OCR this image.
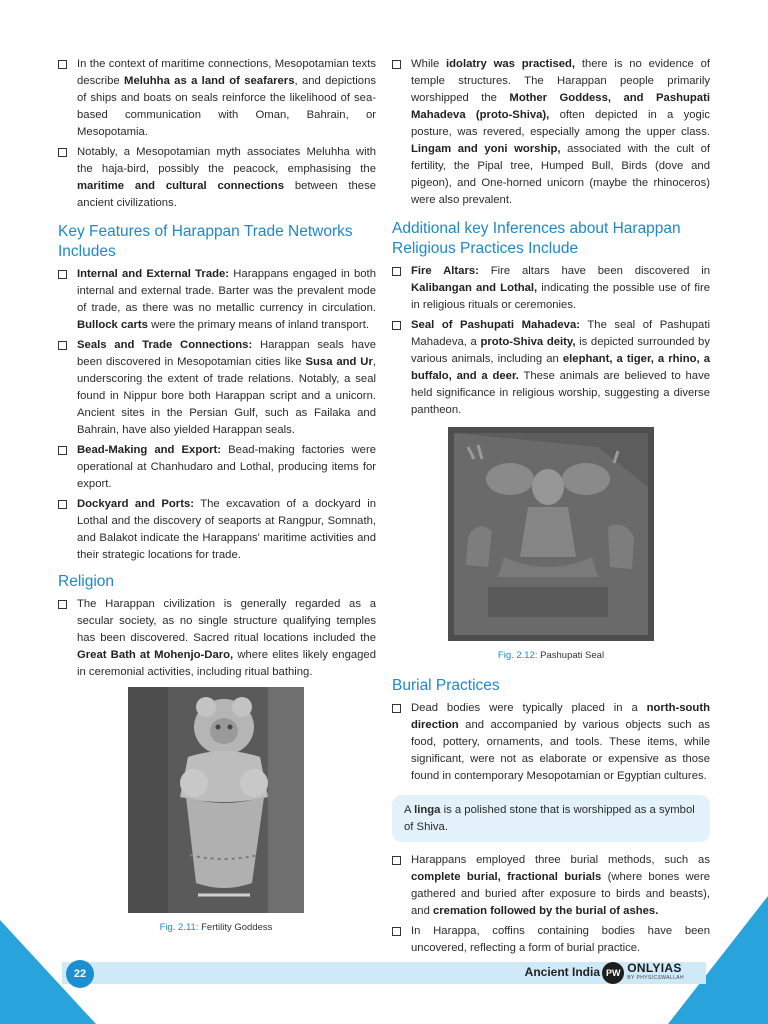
In the context of maritime connections, Mesopotamian texts describe Meluhha as a land of seafarers, and depictions of ships and boats on seals reinforce the likelihood of sea-based communication with Oman, Bahrain, or Mesopotamia.
Notably, a Mesopotamian myth associates Meluhha with the haja-bird, possibly the peacock, emphasising the maritime and cultural connections between these ancient civilizations.
Key Features of Harappan Trade Networks Includes
Internal and External Trade: Harappans engaged in both internal and external trade. Barter was the prevalent mode of trade, as there was no metallic currency in circulation. Bullock carts were the primary means of inland transport.
Seals and Trade Connections: Harappan seals have been discovered in Mesopotamian cities like Susa and Ur, underscoring the extent of trade relations. Notably, a seal found in Nippur bore both Harappan script and a unicorn. Ancient sites in the Persian Gulf, such as Failaka and Bahrain, have also yielded Harappan seals.
Bead-Making and Export: Bead-making factories were operational at Chanhudaro and Lothal, producing items for export.
Dockyard and Ports: The excavation of a dockyard in Lothal and the discovery of seaports at Rangpur, Somnath, and Balakot indicate the Harappans' maritime activities and their strategic locations for trade.
Religion
The Harappan civilization is generally regarded as a secular society, as no single structure qualifying temples has been discovered. Sacred ritual locations included the Great Bath at Mohenjo-Daro, where elites likely engaged in ceremonial activities, including ritual bathing.
Fig. 2.11: Fertility Goddess
While idolatry was practised, there is no evidence of temple structures. The Harappan people primarily worshipped the Mother Goddess, and Pashupati Mahadeva (proto-Shiva), often depicted in a yogic posture, was revered, especially among the upper class. Lingam and yoni worship, associated with the cult of fertility, the Pipal tree, Humped Bull, Birds (dove and pigeon), and One-horned unicorn (maybe the rhinoceros) were also prevalent.
Additional key Inferences about Harappan Religious Practices Include
Fire Altars: Fire altars have been discovered in Kalibangan and Lothal, indicating the possible use of fire in religious rituals or ceremonies.
Seal of Pashupati Mahadeva: The seal of Pashupati Mahadeva, a proto-Shiva deity, is depicted surrounded by various animals, including an elephant, a tiger, a rhino, a buffalo, and a deer. These animals are believed to have held significance in religious worship, suggesting a diverse pantheon.
Fig. 2.12: Pashupati Seal
Burial Practices
Dead bodies were typically placed in a north-south direction and accompanied by various objects such as food, pottery, ornaments, and tools. These items, while significant, were not as elaborate or expensive as those found in contemporary Mesopotamian or Egyptian cultures.
A linga is a polished stone that is worshipped as a symbol of Shiva.
Harappans employed three burial methods, such as complete burial, fractional burials (where bones were gathered and buried after exposure to birds and beasts), and cremation followed by the burial of ashes.
In Harappa, coffins containing bodies have been uncovered, reflecting a form of burial practice.
22	Ancient India PW ONLYIAS
BY PHYSICSWALLAH
